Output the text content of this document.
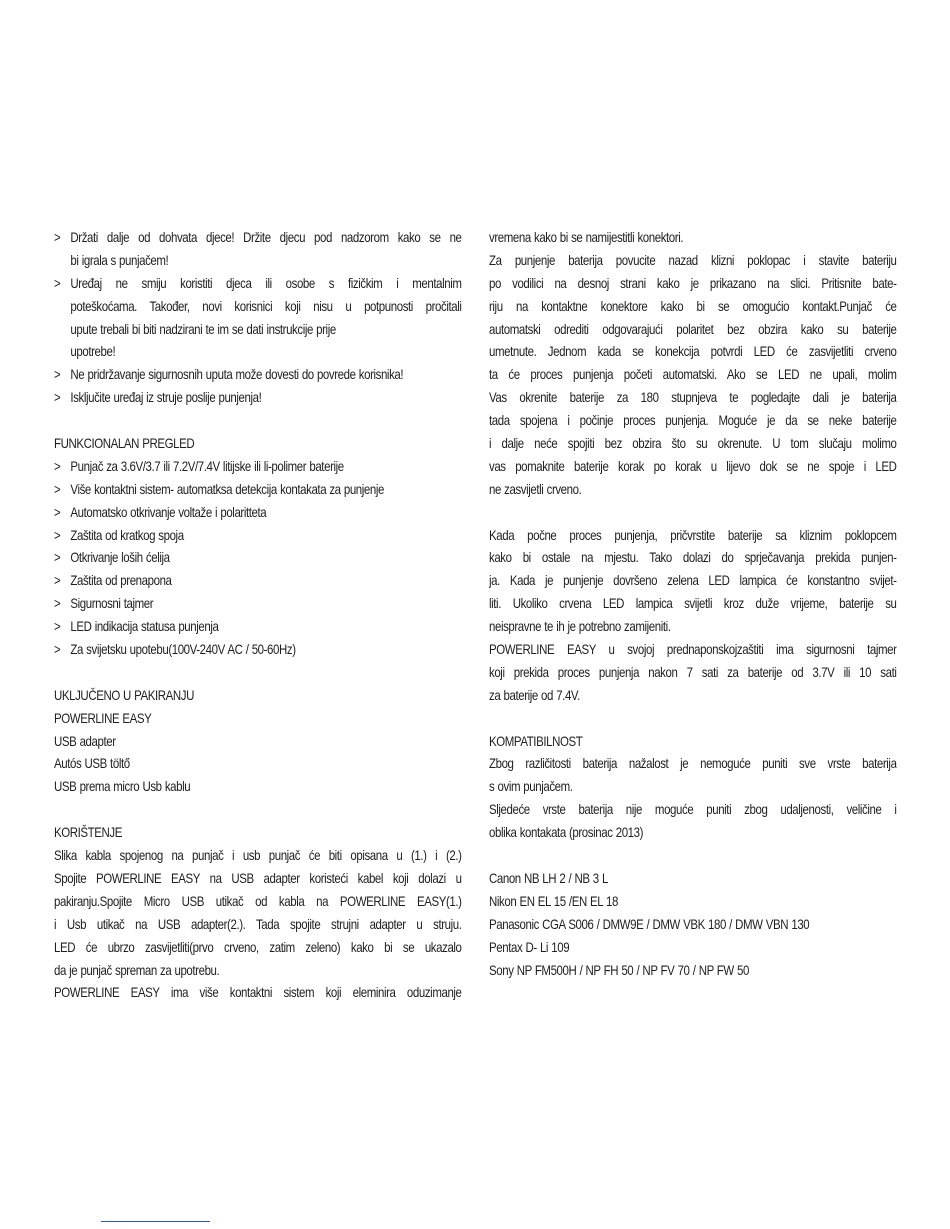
> Držati dalje od dohvata djece! Držite djecu pod nadzorom kako se ne
bi igrala s punjačem!
> Uređaj ne smiju koristiti djeca ili osobe s fizičkim i mentalnim
poteškoćama. Također, novi korisnici koji nisu u potpunosti pročitali
upute trebali bi biti nadzirani te im se dati instrukcije prije
upotrebe!
> Ne pridržavanje sigurnosnih uputa može dovesti do povrede korisnika!
> Isključite uređaj iz struje poslije punjenja!
FUNKCIONALAN PREGLED
> Punjač za 3.6V/3.7 ili 7.2V/7.4V litijske ili li-polimer baterije
> Više kontaktni sistem- automatksa detekcija kontakata za punjenje
> Automatsko otkrivanje voltaže i polaritteta
> Zaštita od kratkog spoja
> Otkrivanje loših ćelija
> Zaštita od prenapona
> Sigurnosni tajmer
> LED indikacija statusa punjenja
> Za svijetsku upotebu(100V-240V AC / 50-60Hz)
UKLJUČENO U PAKIRANJU
POWERLINE EASY
USB adapter
Autós USB töltő
USB prema micro Usb kablu
KORIŠTENJE
Slika kabla spojenog na punjač i usb punjač će biti opisana u (1.) i (2.)
Spojite POWERLINE EASY na USB adapter koristeći kabel koji dolazi u
pakiranju.Spojite Micro USB utikač od kabla na POWERLINE EASY(1.)
i Usb utikač na USB adapter(2.). Tada spojite strujni adapter u struju.
LED će ubrzo zasvijetliti(prvo crveno, zatim zeleno) kako bi se ukazalo
da je punjač spreman za upotrebu.
POWERLINE EASY ima više kontaktni sistem koji eleminira oduzimanje
vremena kako bi se namijestitli konektori.
Za punjenje baterija povucite nazad klizni poklopac i stavite bateriju
po vodilici na desnoj strani kako je prikazano na slici. Pritisnite bate-
riju na kontaktne konektore kako bi se omogućio kontakt.Punjač će
automatski odrediti odgovarajući polaritet bez obzira kako su baterije
umetnute. Jednom kada se konekcija potvrdi LED će zasvijetliti crveno
ta će proces punjenja početi automatski. Ako se LED ne upali, molim
Vas okrenite baterije za 180 stupnjeva te pogledajte dali je baterija
tada spojena i počinje proces punjenja. Moguće je da se neke baterije
i dalje neće spojiti bez obzira što su okrenute. U tom slučaju molimo
vas pomaknite baterije korak po korak u lijevo dok se ne spoje i LED
ne zasvijetli crveno.
Kada počne proces punjenja, pričvrstite baterije sa kliznim poklopcem
kako bi ostale na mjestu. Tako dolazi do sprječavanja prekida punjen-
ja. Kada je punjenje dovršeno zelena LED lampica će konstantno svijet-
liti. Ukoliko crvena LED lampica svijetli kroz duže vrijeme, baterije su
neispravne te ih je potrebno zamijeniti.
POWERLINE EASY u svojoj prednaponskojzaštiti ima sigurnosni tajmer
koji prekida proces punjenja nakon 7 sati za baterije od 3.7V ili 10 sati
za baterije od 7.4V.
KOMPATIBILNOST
Zbog različitosti baterija nažalost je nemoguće puniti sve vrste baterija
s ovim punjačem.
Sljedeće vrste baterija nije moguće puniti zbog udaljenosti, veličine i
oblika kontakata (prosinac 2013)
Canon NB LH 2 / NB 3 L
Nikon EN EL 15 /EN EL 18
Panasonic CGA S006 / DMW9E / DMW VBK 180 / DMW VBN 130
Pentax D- Li 109
Sony NP FM500H / NP FH 50 / NP FV 70 / NP FW 50
